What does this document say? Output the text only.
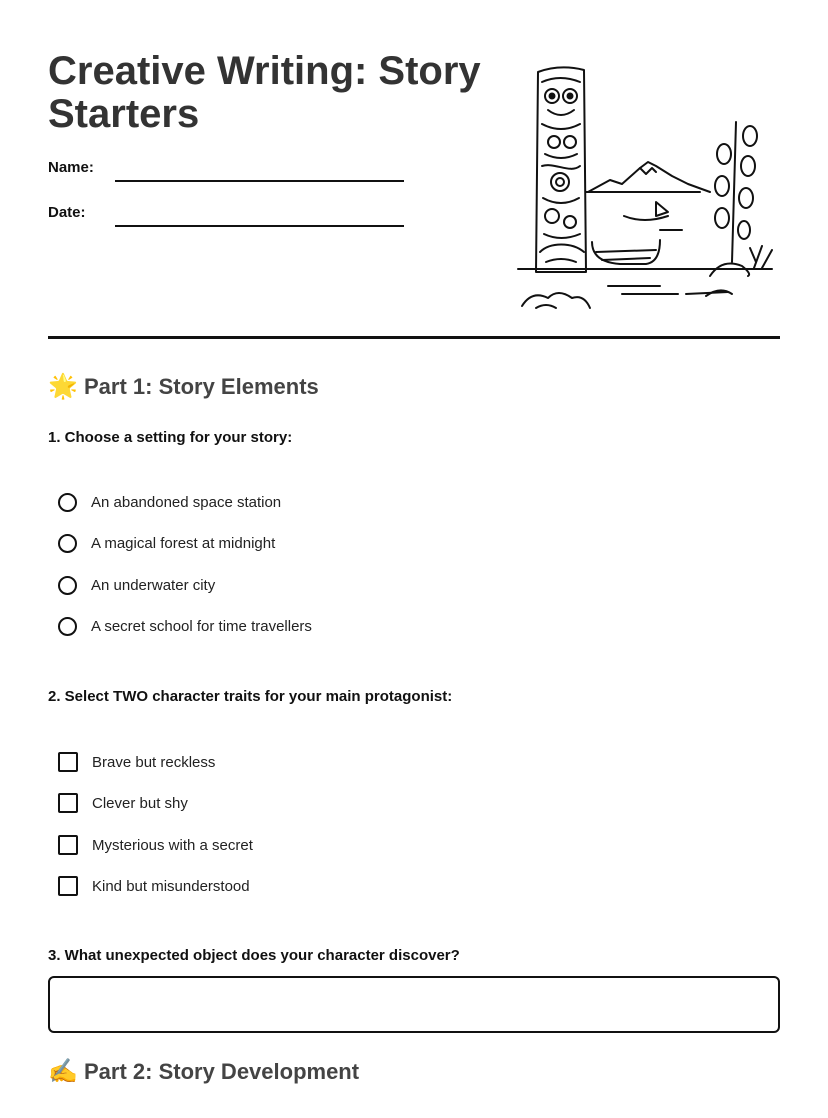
Creative Writing: Story Starters
Name:
Date:
🌟 Part 1: Story Elements

1. Choose a setting for your story:

An abandoned space station
A magical forest at midnight
An underwater city
A secret school for time travellers

2. Select TWO character traits for your main protagonist:

Brave but reckless
Clever but shy
Mysterious with a secret
Kind but misunderstood

3. What unexpected object does your character discover?

✍️ Part 2: Story Development
